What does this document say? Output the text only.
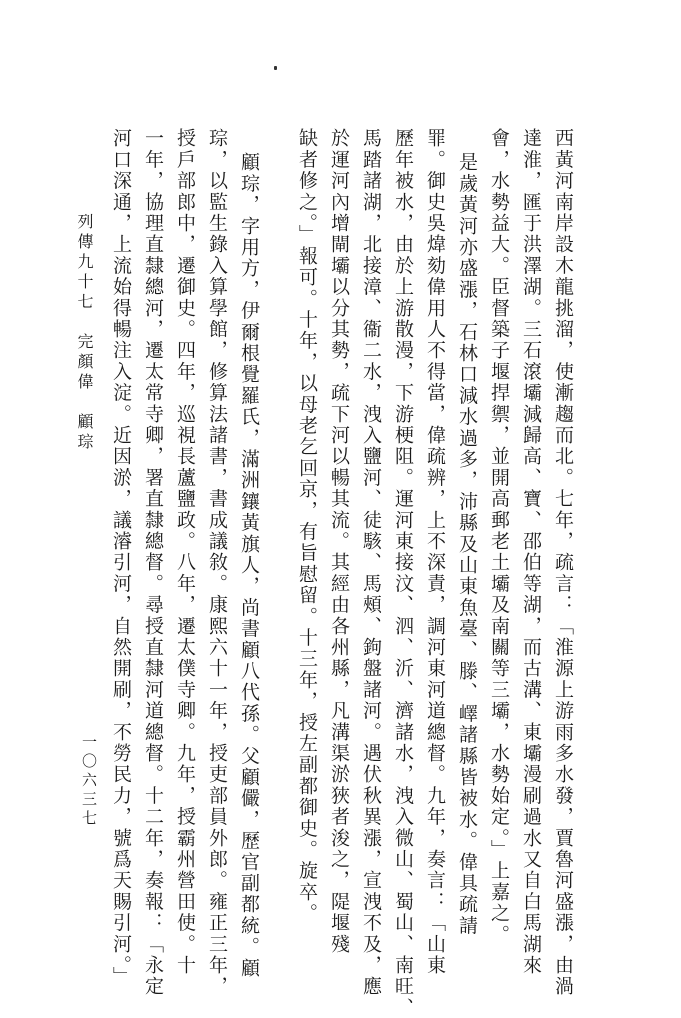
西黃河南岸設木龍挑溜，使漸趨而北。七年，疏言：「淮源上游雨多水發，賈魯河盛漲，由渦
達淮，匯于洪澤湖。三石滾壩減歸高、寶、邵伯等湖，而古溝、東壩漫刷過水又自白馬湖來
會，水勢益大。臣督築子堰捍禦，並開高郵老土壩及南關等三壩，水勢始定。」上嘉之。
是歲黃河亦盛漲，石林口減水過多，沛縣及山東魚臺、滕、嶧諸縣皆被水。偉具疏請
罪。御史吳煒劾偉用人不得當，偉疏辨，上不深責，調河東河道總督。九年，奏言：「山東
歷年被水，由於上游散漫，下游梗阻。運河東接汶、泗、沂、濟諸水，洩入微山、蜀山、南旺、
馬踏諸湖，北接漳、衞二水，洩入鹽河、徒駭、馬頰、鉤盤諸河。遇伏秋異漲，宣洩不及，應
於運河內增閘壩以分其勢，疏下河以暢其流。其經由各州縣，凡溝渠淤狹者浚之，隄堰殘
缺者修之。」報可。十年，以母老乞回京，有旨慰留。十三年，授左副都御史。旋卒。
顧琮，字用方，伊爾根覺羅氏，滿洲鑲黃旗人，尚書顧八代孫。父顧儼，歷官副都統。顧
琮，以監生錄入算學館，修算法諸書，書成議敘。康熙六十一年，授吏部員外郎。雍正三年，
授戶部郎中，遷御史。四年，巡視長蘆鹽政。八年，遷太僕寺卿。九年，授霸州營田使。十
一年，協理直隸總河，遷太常寺卿，署直隸總督。尋授直隸河道總督。十二年，奏報：「永定
河口深通，上流始得暢注入淀。近因淤，議濬引河，自然開刷，不勞民力，號爲天賜引河。」
列傳九十七　完顏偉　顧琮
一〇六三七
